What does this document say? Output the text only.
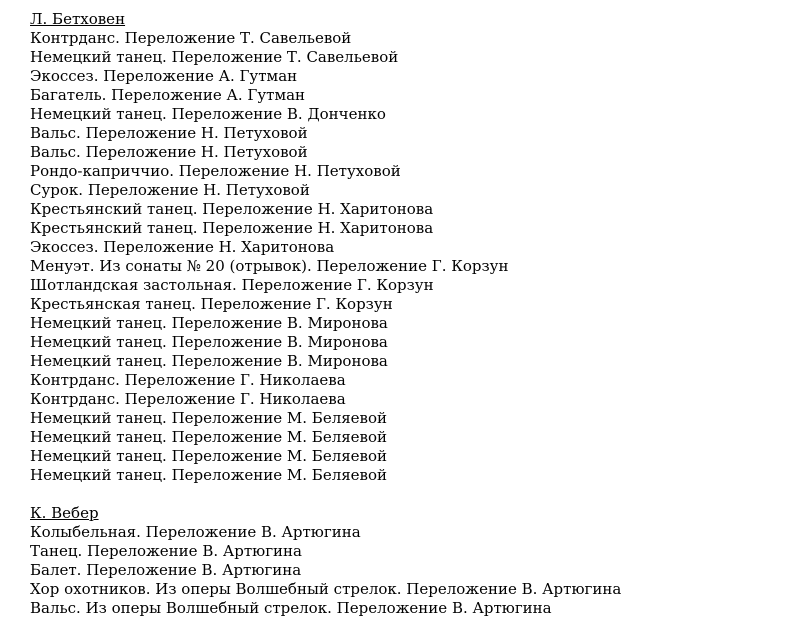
Л. Бетховен
Контрданс. Переложение Т. Савельевой
Немецкий танец. Переложение Т. Савельевой
Экоссез. Переложение А. Гутман
Багатель. Переложение А. Гутман
Немецкий танец. Переложение В. Донченко
Вальс. Переложение Н. Петуховой
Вальс. Переложение Н. Петуховой
Рондо-каприччио. Переложение Н. Петуховой
Сурок. Переложение Н. Петуховой
Крестьянский танец. Переложение Н. Харитонова
Крестьянский танец. Переложение Н. Харитонова
Экоссез. Переложение Н. Харитонова
Менуэт. Из сонаты № 20 (отрывок). Переложение Г. Корзун
Шотландская застольная. Переложение Г. Корзун
Крестьянская танец. Переложение Г. Корзун
Немецкий танец. Переложение В. Миронова
Немецкий танец. Переложение В. Миронова
Немецкий танец. Переложение В. Миронова
Контрданс. Переложение Г. Николаева
Контрданс. Переложение Г. Николаева
Немецкий танец. Переложение М. Беляевой
Немецкий танец. Переложение М. Беляевой
Немецкий танец. Переложение М. Беляевой
Немецкий танец. Переложение М. Беляевой
К. Вебер
Колыбельная. Переложение В. Артюгина
Танец. Переложение В. Артюгина
Балет. Переложение В. Артюгина
Хор охотников. Из оперы Волшебный стрелок. Переложение В. Артюгина
Вальс. Из оперы Волшебный стрелок. Переложение В. Артюгина
